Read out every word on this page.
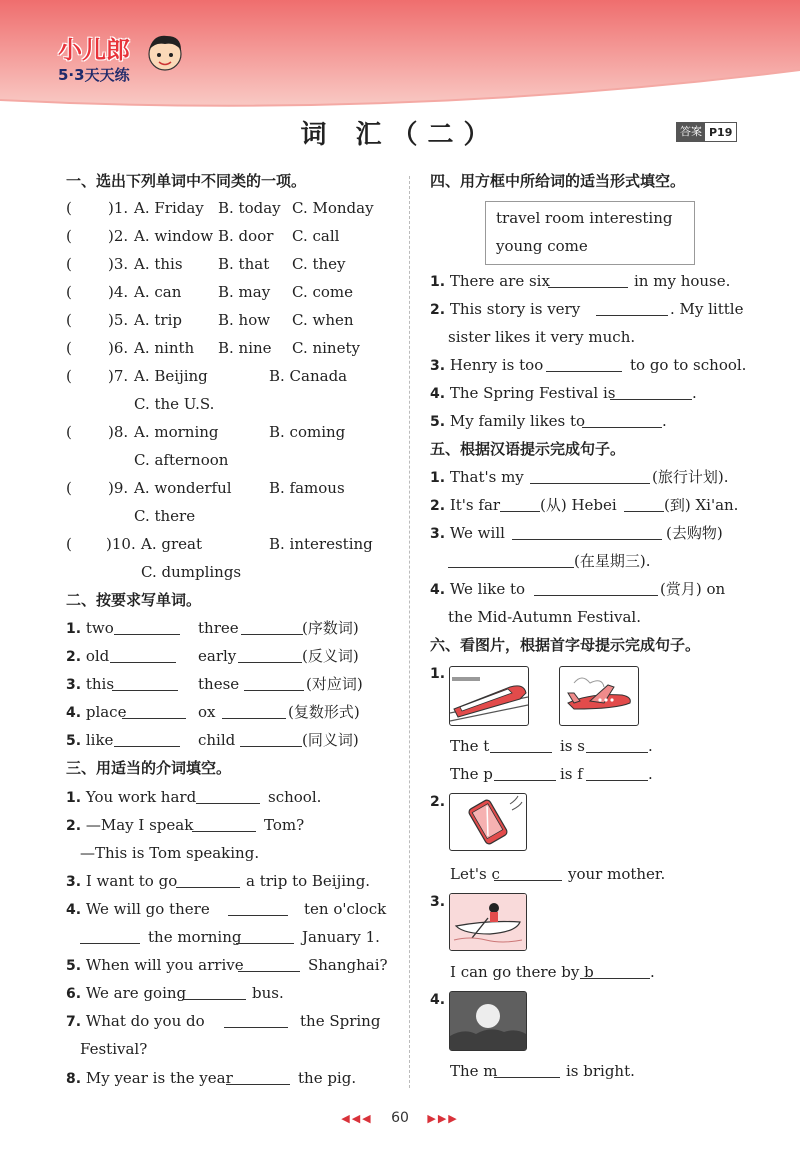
小儿郎
5·3天天练
词 汇（二）	答案 P19
一、选出下列单词中不同类的一项。
( )1. A. Friday B. today C. Monday
( )2. A. window B. door C. call
( )3. A. this B. that C. they
( )4. A. can B. may C. come
( )5. A. trip B. how C. when
( )6. A. ninth B. nine C. ninety
( )7. A. Beijing	B. Canada
C. the U.S.
( )8. A. morning	B. coming
C. afternoon
( )9. A. wonderful B. famous
C. there
( )10. A. great	B. interesting
C. dumplings
二、按要求写单词。
1. two	three	(序数词)
2. old	early	(反义词)
3. this	these	(对应词)
4. place	ox	(复数形式)
5. like	child	(同义词)
三、用适当的介词填空。
1. You work hard	school.
2. —May I speak	Tom?
—This is Tom speaking.
3. I want to go	a trip to Beijing.
4. We will go there	ten o'clock
the morning	January 1.
5. When will you arrive	Shanghai?
6. We are going	bus.
7. What do you do	the Spring
Festival?
8. My year is the year	the pig.
四、用方框中所给词的适当形式填空。
travel room interesting
young come
1. There are six	in my house.
2. This story is very	. My little
sister likes it very much.
3. Henry is too	to go to school.
4. The Spring Festival is	.
5. My family likes to	.
五、根据汉语提示完成句子。
1. That's my	(旅行计划).
2. It's far	(从) Hebei	(到) Xi'an.
3. We will	(去购物)
(在星期三).
4. We like to	(赏月) on
the Mid-Autumn Festival.
六、看图片，根据首字母提示完成句子。
1.
The t	is s	.
The p	is f	.
2.
Let's c	your mother.
3.
I can go there by b	.
4.
The m	is bright.
◀◀◀ 60 ▶▶▶
